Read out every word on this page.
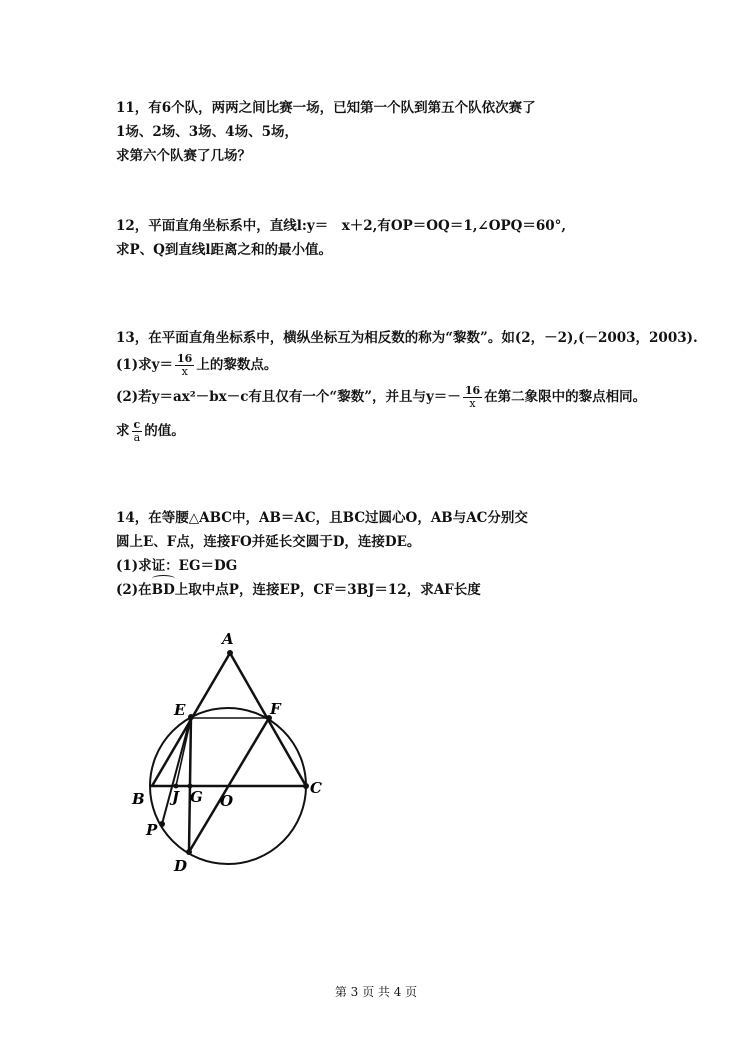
11，有6个队，两两之间比赛一场，已知第一个队到第五个队依次赛了
1场、2场、3场、4场、5场，
求第六个队赛了几场？
12，平面直角坐标系中，直线l:y＝　x＋2,有OP＝OQ＝1,∠OPQ＝60°,
求P、Q到直线l距离之和的最小值。
13，在平面直角坐标系中，横纵坐标互为相反数的称为“黎数”。如(2，－2),(－2003，2003).
(1)求$y= \frac{16}{x}$ 上的黎数点。
(2)若y＝ax²－bx－c有且仅有一个“黎数”，并且与$y=- \frac{16}{x}$ 在第二象限中的黎点相同。
求 $\frac{c}{a}$ 的值。
14，在等腰△ABC中，AB＝AC，且BC过圆心O，AB与AC分别交
圆上E、F点，连接FO并延长交圆于D，连接DE。
(1)求证：EG＝DG
(2)在BD上取中点P，连接EP，CF＝3BJ＝12，求AF长度
A
E	F
B J G O
C
P
D
第 3 页 共 4 页
